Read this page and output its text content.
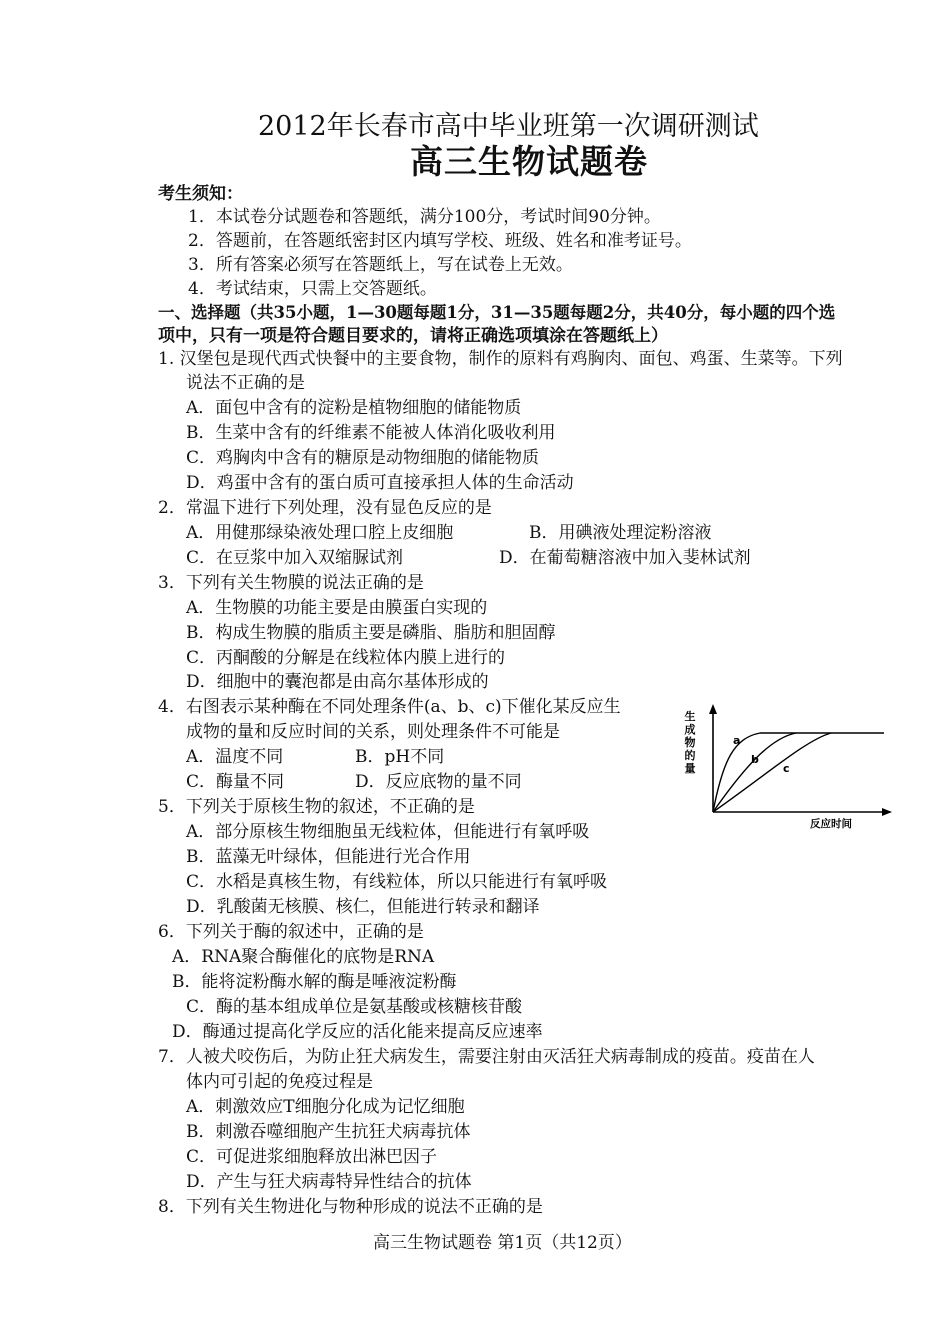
2012年长春市高中毕业班第一次调研测试
高三生物试题卷
考生须知：
1．本试卷分试题卷和答题纸，满分100分，考试时间90分钟。
2．答题前，在答题纸密封区内填写学校、班级、姓名和准考证号。
3．所有答案必须写在答题纸上，写在试卷上无效。
4．考试结束，只需上交答题纸。
一、选择题（共35小题，1—30题每题1分，31—35题每题2分，共40分，每小题的四个选
项中，只有一项是符合题目要求的，请将正确选项填涂在答题纸上）
1. 汉堡包是现代西式快餐中的主要食物，制作的原料有鸡胸肉、面包、鸡蛋、生菜等。下列
说法不正确的是
A．面包中含有的淀粉是植物细胞的储能物质
B．生菜中含有的纤维素不能被人体消化吸收利用
C．鸡胸肉中含有的糖原是动物细胞的储能物质
D．鸡蛋中含有的蛋白质可直接承担人体的生命活动
2．常温下进行下列处理，没有显色反应的是
A．用健那绿染液处理口腔上皮细胞	B．用碘液处理淀粉溶液
C．在豆浆中加入双缩脲试剂	D．在葡萄糖溶液中加入斐林试剂
3．下列有关生物膜的说法正确的是
A．生物膜的功能主要是由膜蛋白实现的
B．构成生物膜的脂质主要是磷脂、脂肪和胆固醇
C．丙酮酸的分解是在线粒体内膜上进行的
D．细胞中的囊泡都是由高尔基体形成的
4．右图表示某种酶在不同处理条件(a、b、c)下催化某反应生
成物的量和反应时间的关系，则处理条件不可能是
A．温度不同	B．pH不同
C．酶量不同	D．反应底物的量不同
生
成
物
的
量
a
b
c
反应时间
5．下列关于原核生物的叙述，不正确的是
A．部分原核生物细胞虽无线粒体，但能进行有氧呼吸
B．蓝藻无叶绿体，但能进行光合作用
C．水稻是真核生物，有线粒体，所以只能进行有氧呼吸
D．乳酸菌无核膜、核仁，但能进行转录和翻译
6．下列关于酶的叙述中，正确的是
A．RNA聚合酶催化的底物是RNA
B．能将淀粉酶水解的酶是唾液淀粉酶
C．酶的基本组成单位是氨基酸或核糖核苷酸
D．酶通过提高化学反应的活化能来提高反应速率
7．人被犬咬伤后，为防止狂犬病发生，需要注射由灭活狂犬病毒制成的疫苗。疫苗在人
体内可引起的免疫过程是
A．刺激效应T细胞分化成为记忆细胞
B．刺激吞噬细胞产生抗狂犬病毒抗体
C．可促进浆细胞释放出淋巴因子
D．产生与狂犬病毒特异性结合的抗体
8．下列有关生物进化与物种形成的说法不正确的是
高三生物试题卷 第1页（共12页）
